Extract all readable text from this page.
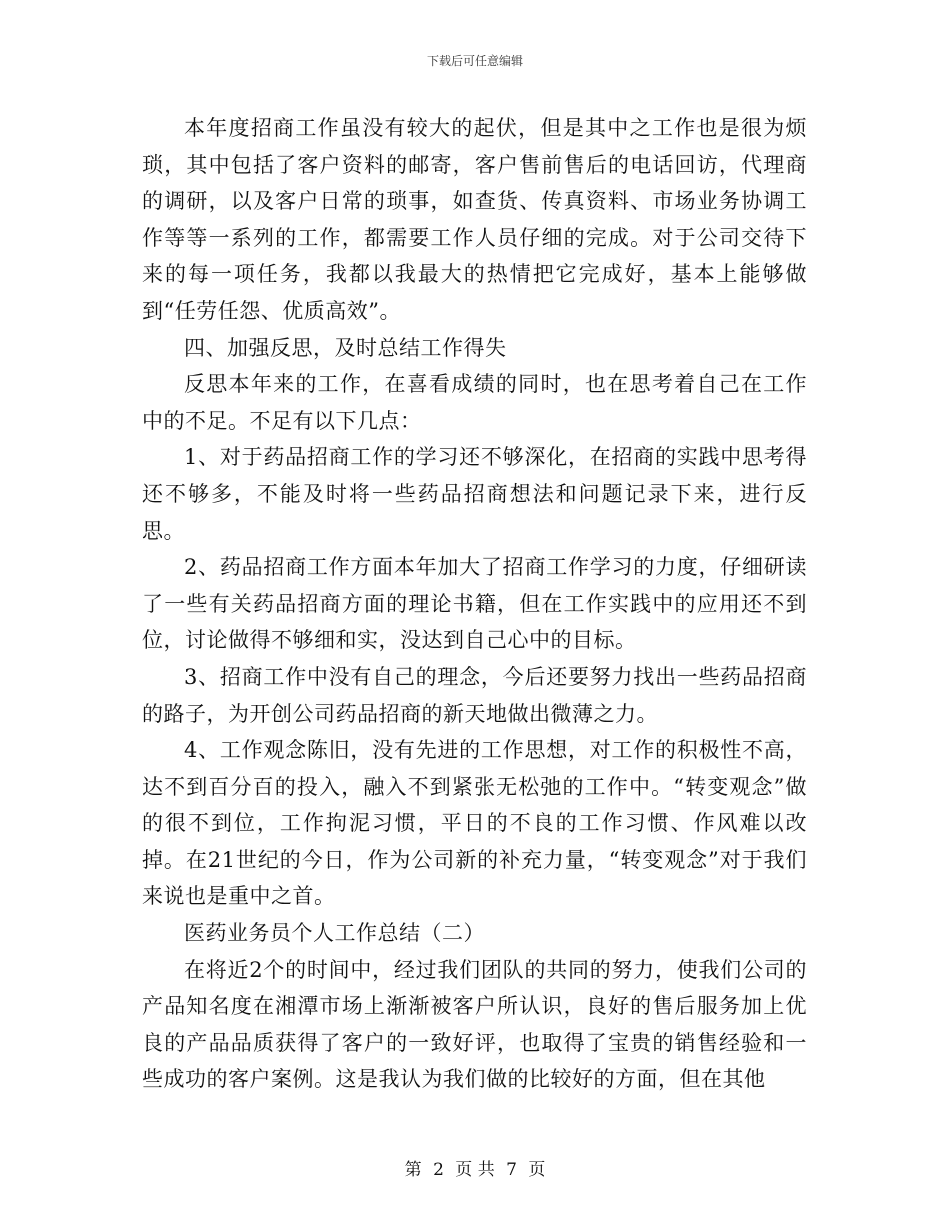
下载后可任意编辑

本年度招商工作虽没有较大的起伏，但是其中之工作也是很为烦琐，其中包括了客户资料的邮寄，客户售前售后的电话回访，代理商的调研，以及客户日常的琐事，如查货、传真资料、市场业务协调工作等等一系列的工作，都需要工作人员仔细的完成。对于公司交待下来的每一项任务，我都以我最大的热情把它完成好，基本上能够做到“任劳任怨、优质高效”。

四、加强反思，及时总结工作得失

反思本年来的工作，在喜看成绩的同时，也在思考着自己在工作中的不足。不足有以下几点：

1、对于药品招商工作的学习还不够深化，在招商的实践中思考得还不够多，不能及时将一些药品招商想法和问题记录下来，进行反思。

2、药品招商工作方面本年加大了招商工作学习的力度，仔细研读了一些有关药品招商方面的理论书籍，但在工作实践中的应用还不到位，讨论做得不够细和实，没达到自己心中的目标。

3、招商工作中没有自己的理念，今后还要努力找出一些药品招商的路子，为开创公司药品招商的新天地做出微薄之力。

4、工作观念陈旧，没有先进的工作思想，对工作的积极性不高，达不到百分百的投入，融入不到紧张无松弛的工作中。“转变观念”做的很不到位，工作拘泥习惯，平日的不良的工作习惯、作风难以改掉。在21世纪的今日，作为公司新的补充力量，“转变观念”对于我们来说也是重中之首。

医药业务员个人工作总结（二）

在将近2个的时间中，经过我们团队的共同的努力，使我们公司的产品知名度在湘潭市场上渐渐被客户所认识，良好的售后服务加上优良的产品品质获得了客户的一致好评，也取得了宝贵的销售经验和一些成功的客户案例。这是我认为我们做的比较好的方面，但在其他

第 2 页 共 7 页
